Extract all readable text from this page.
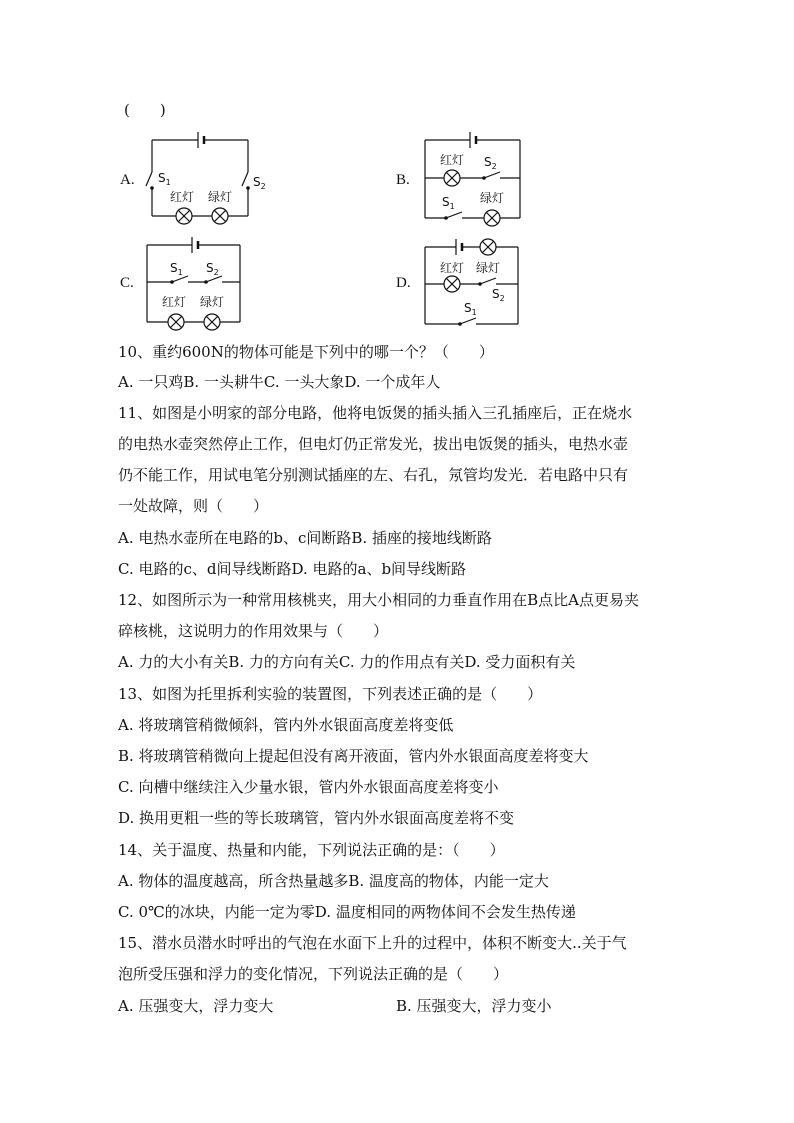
(　　)
A. $S_1$	$S_2$
红灯 绿灯
B.
红灯 $S_2$
$S_1$
绿灯
C.
$S_1$ $S_2$
红灯 绿灯
D.
红灯 绿灯
$S_2$
$S_1$
10、重约600N的物体可能是下列中的哪一个？（　　）
A. 一只鸡B. 一头耕牛C. 一头大象D. 一个成年人
11、如图是小明家的部分电路，他将电饭煲的插头插入三孔插座后，正在烧水
的电热水壶突然停止工作，但电灯仍正常发光，拔出电饭煲的插头，电热水壶
仍不能工作，用试电笔分别测试插座的左、右孔，氖管均发光．若电路中只有
一处故障，则（　　）
A. 电热水壶所在电路的b、c间断路B. 插座的接地线断路
C. 电路的c、d间导线断路D. 电路的a、b间导线断路
12、如图所示为一种常用核桃夹，用大小相同的力垂直作用在B点比A点更易夹
碎核桃，这说明力的作用效果与（　　）
A. 力的大小有关B. 力的方向有关C. 力的作用点有关D. 受力面积有关
13、如图为托里拆利实验的装置图，下列表述正确的是（　　）
A. 将玻璃管稍微倾斜，管内外水银面高度差将变低
B. 将玻璃管稍微向上提起但没有离开液面，管内外水银面高度差将变大
C. 向槽中继续注入少量水银，管内外水银面高度差将变小
D. 换用更粗一些的等长玻璃管，管内外水银面高度差将不变
14、关于温度、热量和内能，下列说法正确的是：（　　）
A. 物体的温度越高，所含热量越多B. 温度高的物体，内能一定大
C. 0℃的冰块，内能一定为零D. 温度相同的两物体间不会发生热传递
15、潜水员潜水时呼出的气泡在水面下上升的过程中，体积不断变大..关于气
泡所受压强和浮力的变化情况，下列说法正确的是（　　）
A. 压强变大，浮力变大	B. 压强变大，浮力变小
